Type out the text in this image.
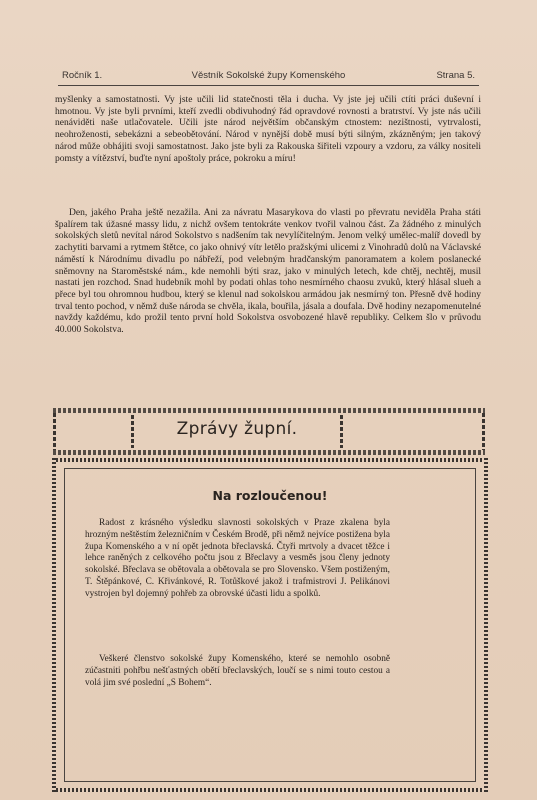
Ročník 1.	Věstník Sokolské župy Komenského	Strana 5.

myšlenky a samostatnosti. Vy jste učili lid statečnosti těla i ducha. Vy jste jej učili ctíti práci duševní i hmotnou. Vy jste byli prvními, kteří zvedli obdivuhodný řád opravdové rovnosti a bratrství. Vy jste nás učili nenáviděti naše utlačovatele. Učili jste národ největším občanským ctnostem: nezištnosti, vytrvalosti, neohroženosti, sebekázni a sebeobětování. Národ v nynější době musí býti silným, zkázněným; jen takový národ může obhájiti svoji samostatnost. Jako jste byli za Rakouska šiřiteli vzpoury a vzdoru, za války nositeli pomsty a vítězství, buďte nyní apoštoly práce, pokroku a míru!

Den, jakého Praha ještě nezažila. Ani za návratu Masarykova do vlasti po převratu neviděla Praha státi špalírem tak úžasné massy lidu, z nichž ovšem tentokráte venkov tvořil valnou část. Za žádného z minulých sokolských sletů nevítal národ Sokolstvo s nadšením tak nevylíčitelným. Jenom velký umělec-malíř dovedl by zachytiti barvami a rytmem štětce, co jako ohnivý vítr letělo pražskými ulicemi z Vinohradů dolů na Václavské náměstí k Národnímu divadlu po nábřeží, pod velebným hradčanským panoramatem a kolem poslanecké sněmovny na Staroměstské nám., kde nemohli býti sraz, jako v minulých letech, kde chtěj, nechtěj, musil nastati jen rozchod. Snad hudebník mohl by podati ohlas toho nesmírného chaosu zvuků, který hlásal slueh a přece byl tou ohromnou hudbou, který se klenul nad sokolskou armádou jak nesmírný ton. Přesně dvě hodiny trval tento pochod, v němž duše národa se chvěla, ikala, bouřila, jásala a doufala. Dvě hodiny nezapomenutelné navždy každému, kdo prožil tento první hold Sokolstva osvobozené hlavě republiky. Celkem šlo v průvodu 40.000 Sokolstva.

Zprávy župní.
Na rozloučenou!

Radost z krásného výsledku slavnosti sokolských v Praze zkalena byla hrozným neštěstím železničním v Českém Brodě, při němž nejvíce postižena byla župa Komenského a v ní opět jednota břeclavská. Čtyři mrtvoly a dvacet těžce i lehce raněných z celkového počtu jsou z Břeclavy a vesměs jsou členy jednoty sokolské. Břeclava se obětovala a obětovala se pro Slovensko. Všem postiženým, T. Štěpánkové, C. Křivánkové, R. Totůškové jakož i trafmistrovi J. Pelikánovi vystrojen byl dojemný pohřeb za obrovské účasti lidu a spolků.

Veškeré členstvo sokolské župy Komenského, které se nemohlo osobně zúčastniti pohřbu nešťastných obětí břeclavských, loučí se s nimi touto cestou a volá jim své poslední „S Bohem“.
